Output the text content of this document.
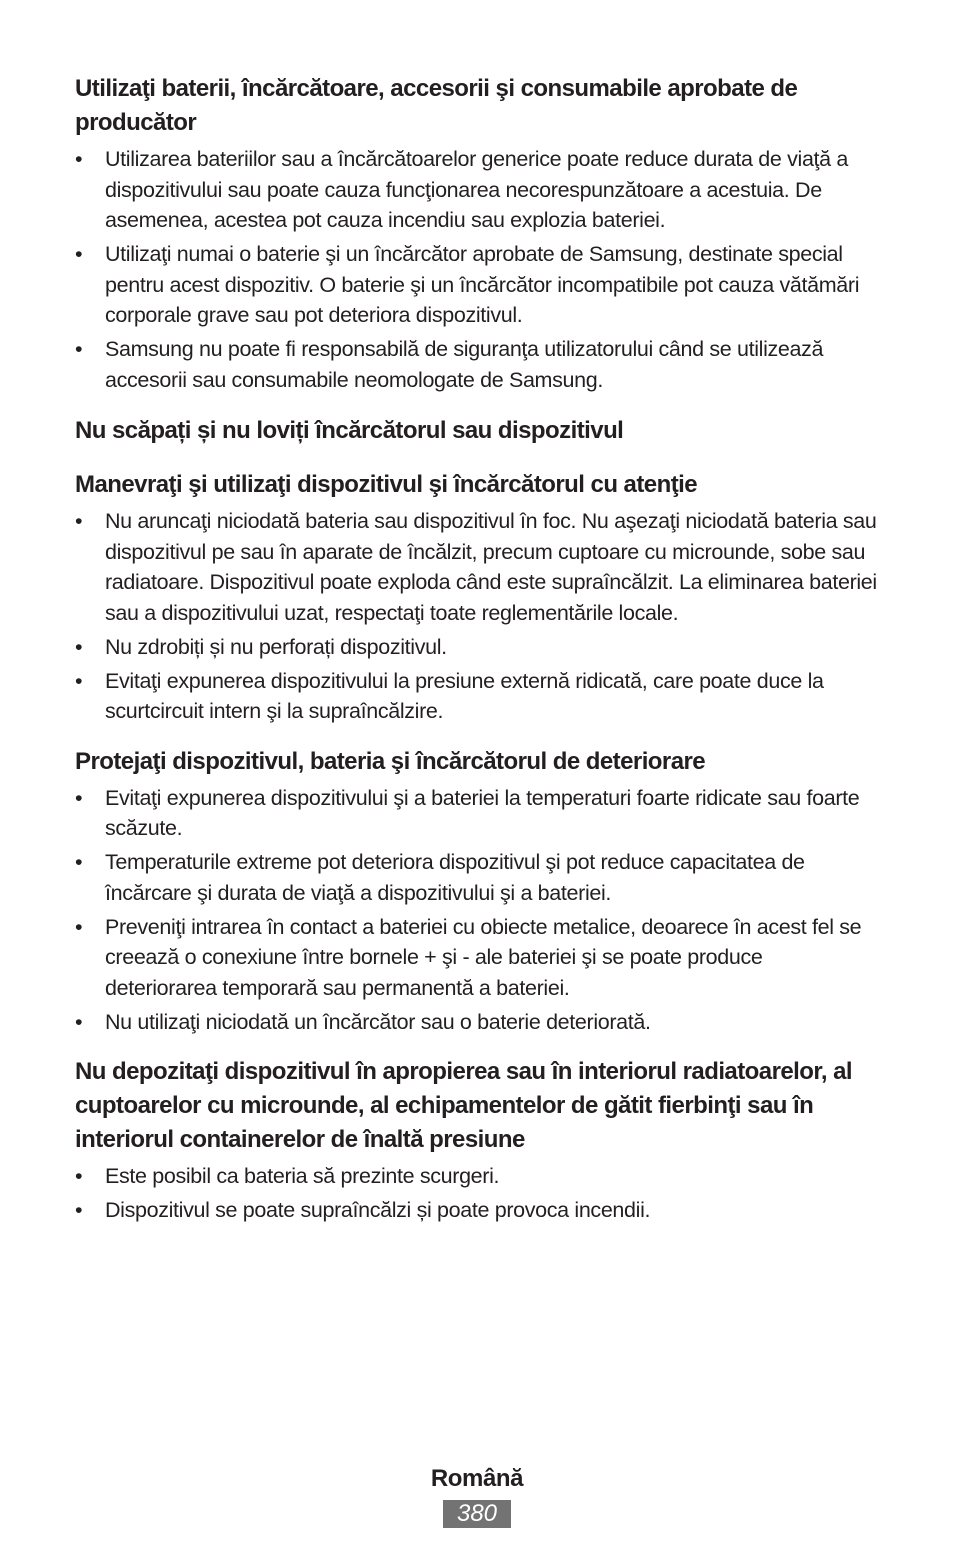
Utilizaţi baterii, încărcătoare, accesorii şi consumabile aprobate de producător
•	Utilizarea bateriilor sau a încărcătoarelor generice poate reduce durata de viaţă a dispozitivului sau poate cauza funcţionarea necorespunzătoare a acestuia. De asemenea, acestea pot cauza incendiu sau explozia bateriei.
•	Utilizaţi numai o baterie şi un încărcător aprobate de Samsung, destinate special pentru acest dispozitiv. O baterie şi un încărcător incompatibile pot cauza vătămări corporale grave sau pot deteriora dispozitivul.
•	Samsung nu poate fi responsabilă de siguranţa utilizatorului când se utilizează accesorii sau consumabile neomologate de Samsung.
Nu scăpați și nu loviți încărcătorul sau dispozitivul
Manevraţi şi utilizaţi dispozitivul şi încărcătorul cu atenţie
•	Nu aruncaţi niciodată bateria sau dispozitivul în foc. Nu aşezaţi niciodată bateria sau dispozitivul pe sau în aparate de încălzit, precum cuptoare cu microunde, sobe sau radiatoare. Dispozitivul poate exploda când este supraîncălzit. La eliminarea bateriei sau a dispozitivului uzat, respectaţi toate reglementările locale.
•	Nu zdrobiți și nu perforați dispozitivul.
•	Evitaţi expunerea dispozitivului la presiune externă ridicată, care poate duce la scurtcircuit intern şi la supraîncălzire.
Protejaţi dispozitivul, bateria şi încărcătorul de deteriorare
•	Evitaţi expunerea dispozitivului şi a bateriei la temperaturi foarte ridicate sau foarte scăzute.
•	Temperaturile extreme pot deteriora dispozitivul şi pot reduce capacitatea de încărcare şi durata de viaţă a dispozitivului şi a bateriei.
•	Preveniţi intrarea în contact a bateriei cu obiecte metalice, deoarece în acest fel se creează o conexiune între bornele + şi - ale bateriei şi se poate produce deteriorarea temporară sau permanentă a bateriei.
•	Nu utilizaţi niciodată un încărcător sau o baterie deteriorată.
Nu depozitaţi dispozitivul în apropierea sau în interiorul radiatoarelor, al cuptoarelor cu microunde, al echipamentelor de gătit fierbinţi sau în interiorul containerelor de înaltă presiune
•	Este posibil ca bateria să prezinte scurgeri.
•	Dispozitivul se poate supraîncălzi și poate provoca incendii.
Română
380
